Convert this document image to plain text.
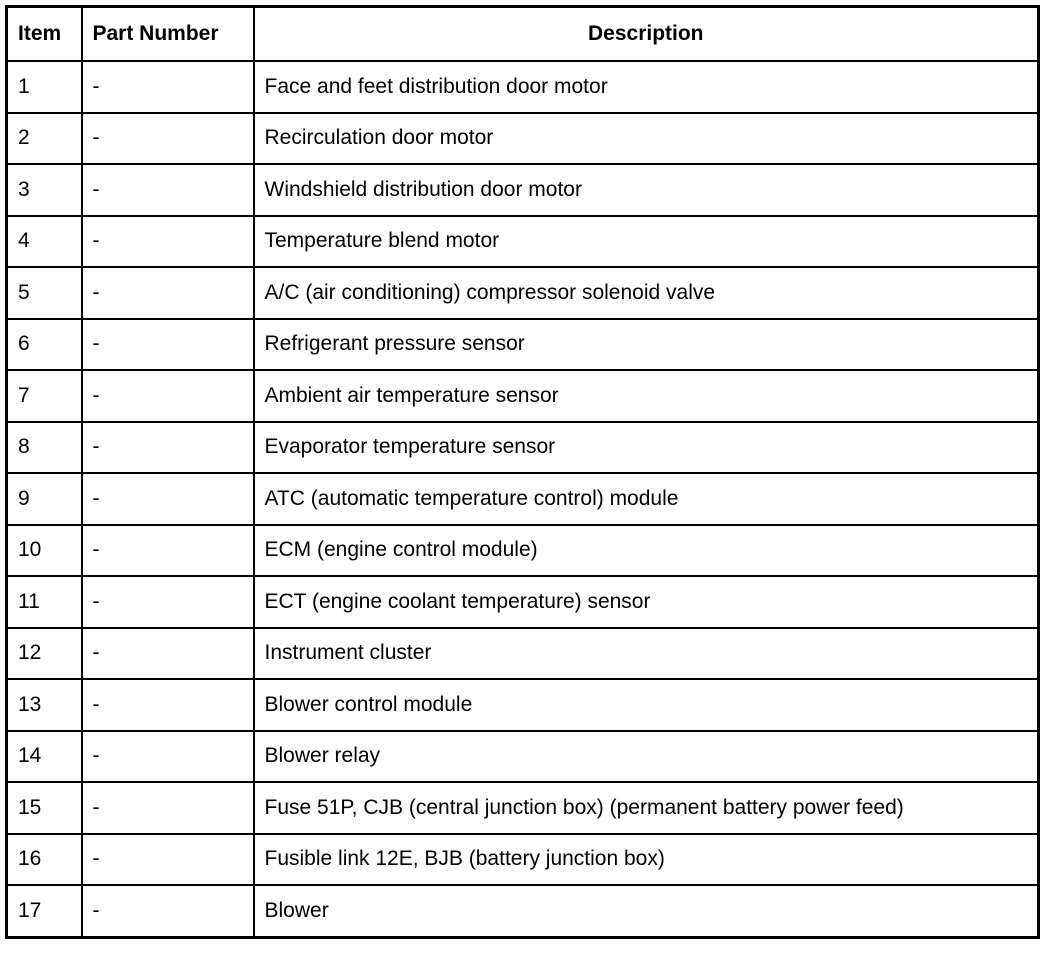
Item	Part Number	Description
1	-	Face and feet distribution door motor
2	-	Recirculation door motor
3	-	Windshield distribution door motor
4	-	Temperature blend motor
5	-	A/C (air conditioning) compressor solenoid valve
6	-	Refrigerant pressure sensor
7	-	Ambient air temperature sensor
8	-	Evaporator temperature sensor
9	-	ATC (automatic temperature control) module
10	-	ECM (engine control module)
11	-	ECT (engine coolant temperature) sensor
12	-	Instrument cluster
13	-	Blower control module
14	-	Blower relay
15	-	Fuse 51P, CJB (central junction box) (permanent battery power feed)
16	-	Fusible link 12E, BJB (battery junction box)
17	-	Blower
